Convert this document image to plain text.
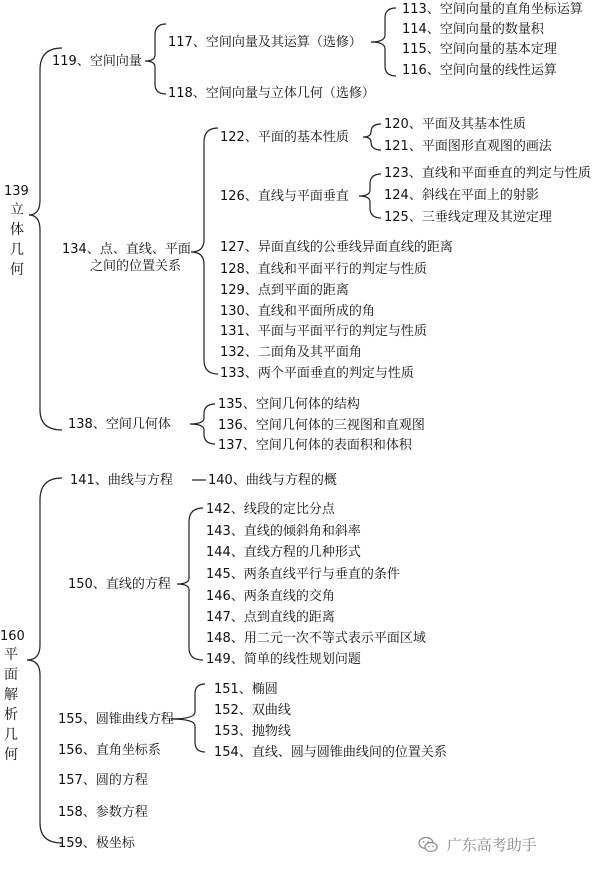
139
立体几何
119、空间向量
117、空间向量及其运算（选修）
113、空间向量的直角坐标运算
114、空间向量的数量积
115、空间向量的基本定理
116、空间向量的线性运算
118、空间向量与立体几何（选修）
134、点、直线、平面
之间的位置关系
122、平面的基本性质
120、平面及其基本性质
121、平面图形直观图的画法
126、直线与平面垂直
123、直线和平面垂直的判定与性质
124、斜线在平面上的射影
125、三垂线定理及其逆定理
127、异面直线的公垂线异面直线的距离
128、直线和平面平行的判定与性质
129、点到平面的距离
130、直线和平面所成的角
131、平面与平面平行的判定与性质
132、二面角及其平面角
133、两个平面垂直的判定与性质
138、空间几何体
135、空间几何体的结构
136、空间几何体的三视图和直观图
137、空间几何体的表面积和体积
160
平面解析几何
141、曲线与方程	140、曲线与方程的概
150、直线的方程
142、线段的定比分点
143、直线的倾斜角和斜率
144、直线方程的几种形式
145、两条直线平行与垂直的条件
146、两条直线的交角
147、点到直线的距离
148、用二元一次不等式表示平面区域
149、简单的线性规划问题
155、圆锥曲线方程
151、椭圆
152、双曲线
153、抛物线
154、直线、圆与圆锥曲线间的位置关系
156、直角坐标系
157、圆的方程
158、参数方程
159、极坐标	广东高考助手
